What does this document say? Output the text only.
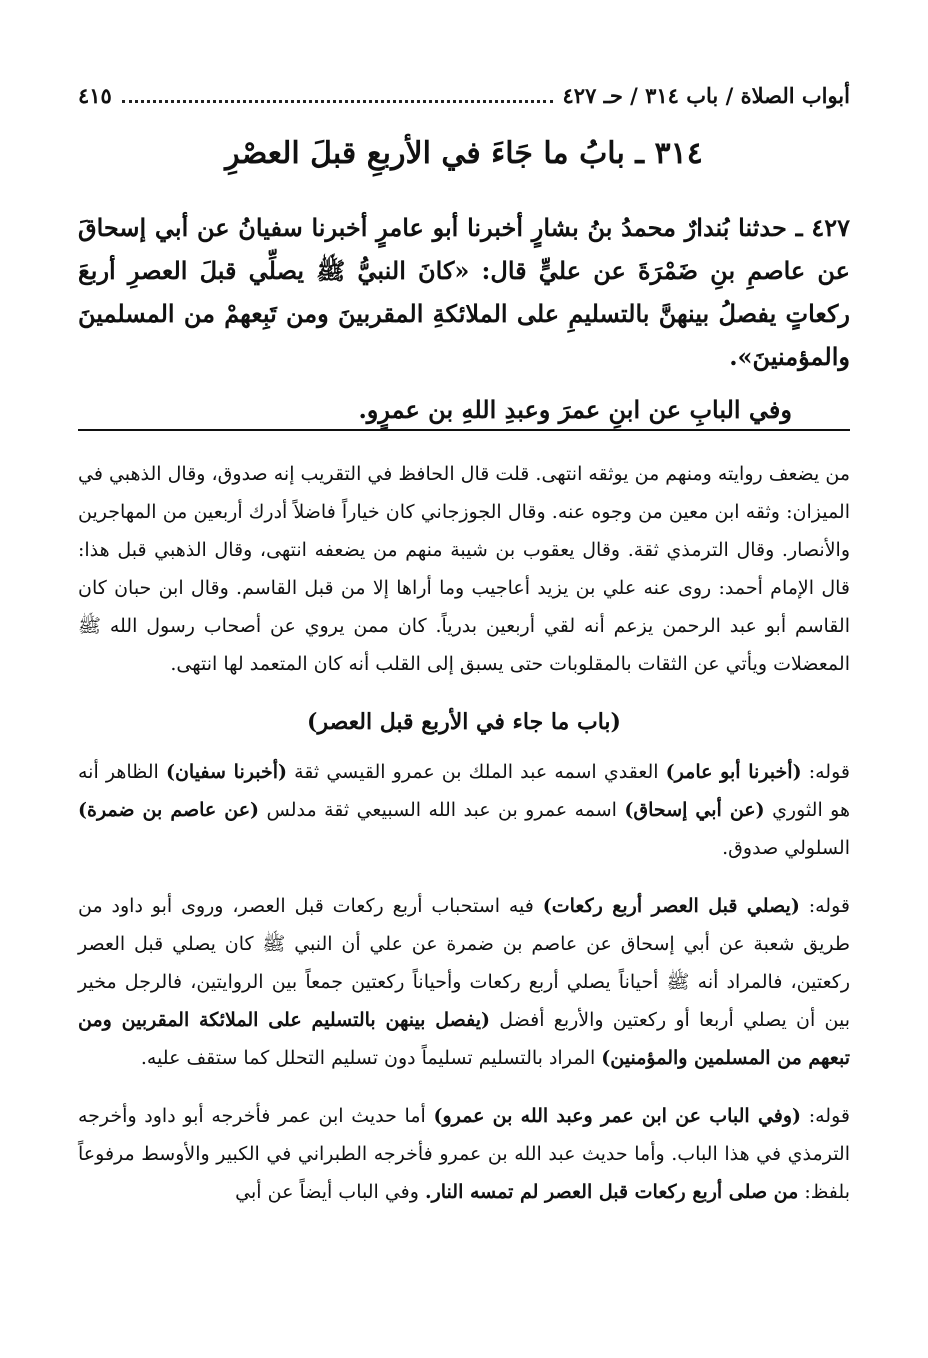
أبواب الصلاة / باب ٣١٤ / حـ ٤٢٧
٤١٥
٣١٤ ـ بابُ ما جَاءَ في الأربعِ قبلَ العصْرِ

٤٢٧ ـ حدثنا بُندارٌ محمدُ بنُ بشارٍ أخبرنا أبو عامرٍ أخبرنا سفيانُ عن أبي إسحاقَ عن عاصمِ بنِ ضَمْرَةَ عن عليٍّ قال: «كانَ النبيُّ ﷺ يصلِّي قبلَ العصرِ أربعَ ركعاتٍ يفصلُ بينهنَّ بالتسليمِ على الملائكةِ المقربينَ ومن تَبِعهمْ من المسلمينَ والمؤمنينَ».

وفي البابِ عن ابنِ عمرَ وعبدِ اللهِ بن عمرٍو.

من يضعف روايته ومنهم من يوثقه انتهى. قلت قال الحافظ في التقريب إنه صدوق، وقال الذهبي في الميزان: وثقه ابن معين من وجوه عنه. وقال الجوزجاني كان خياراً فاضلاً أدرك أربعين من المهاجرين والأنصار. وقال الترمذي ثقة. وقال يعقوب بن شيبة منهم من يضعفه انتهى، وقال الذهبي قبل هذا: قال الإمام أحمد: روى عنه علي بن يزيد أعاجيب وما أراها إلا من قبل القاسم. وقال ابن حبان كان القاسم أبو عبد الرحمن يزعم أنه لقي أربعين بدرياً. كان ممن يروي عن أصحاب رسول الله ﷺ المعضلات ويأتي عن الثقات بالمقلوبات حتى يسبق إلى القلب أنه كان المتعمد لها انتهى.

(باب ما جاء في الأربع قبل العصر)

قوله: (أخبرنا أبو عامر) العقدي اسمه عبد الملك بن عمرو القيسي ثقة (أخبرنا سفيان) الظاهر أنه هو الثوري (عن أبي إسحاق) اسمه عمرو بن عبد الله السبيعي ثقة مدلس (عن عاصم بن ضمرة) السلولي صدوق.

قوله: (يصلي قبل العصر أربع ركعات) فيه استحباب أربع ركعات قبل العصر، وروى أبو داود من طريق شعبة عن أبي إسحاق عن عاصم بن ضمرة عن علي أن النبي ﷺ كان يصلي قبل العصر ركعتين، فالمراد أنه ﷺ أحياناً يصلي أربع ركعات وأحياناً ركعتين جمعاً بين الروايتين، فالرجل مخير بين أن يصلي أربعا أو ركعتين والأربع أفضل (يفصل بينهن بالتسليم على الملائكة المقربين ومن تبعهم من المسلمين والمؤمنين) المراد بالتسليم تسليماً دون تسليم التحلل كما ستقف عليه.

قوله: (وفي الباب عن ابن عمر وعبد الله بن عمرو) أما حديث ابن عمر فأخرجه أبو داود وأخرجه الترمذي في هذا الباب. وأما حديث عبد الله بن عمرو فأخرجه الطبراني في الكبير والأوسط مرفوعاً بلفظ: من صلى أربع ركعات قبل العصر لم تمسه النار. وفي الباب أيضاً عن أبي
